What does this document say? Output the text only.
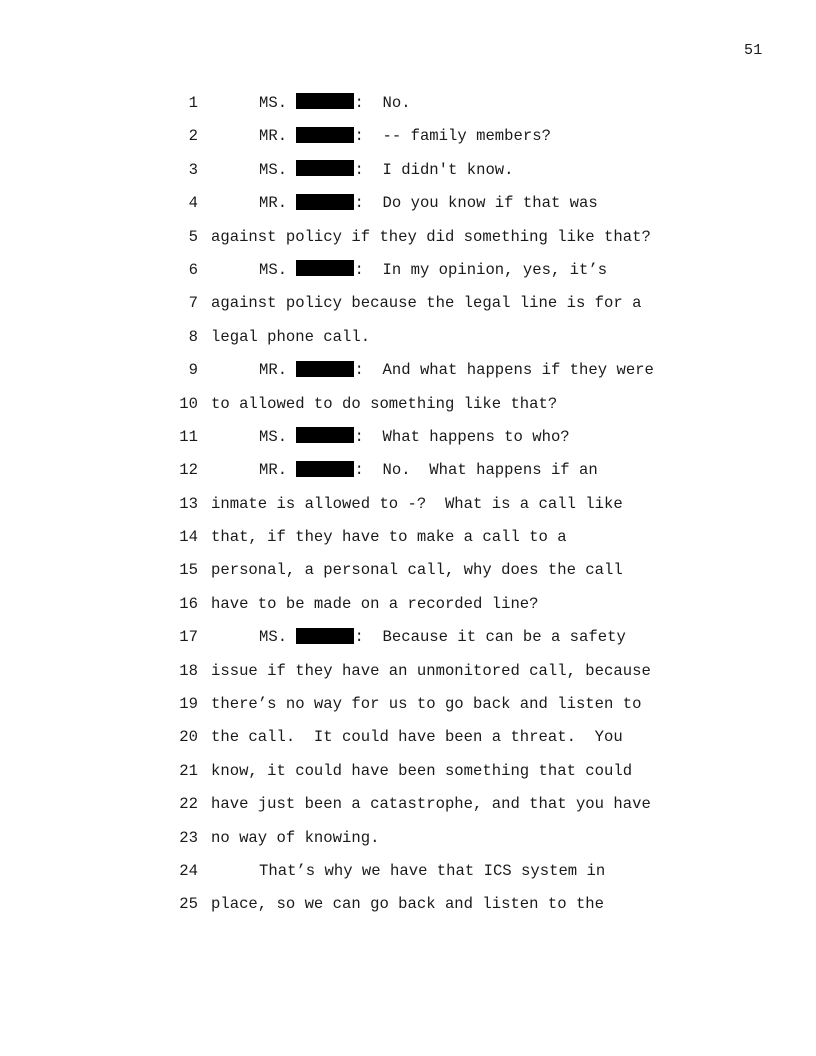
51
1	MS.	:  No.
2	MR.	:  -- family members?
3	MS.	:  I didn't know.
4	MR.	:  Do you know if that was
5 against policy if they did something like that?
6	MS.	:  In my opinion, yes, it’s
7 against policy because the legal line is for a
8 legal phone call.
9	MR.	:  And what happens if they were
10 to allowed to do something like that?
11	MS.	:  What happens to who?
12	MR.	:  No.  What happens if an
13 inmate is allowed to -?  What is a call like
14 that, if they have to make a call to a
15 personal, a personal call, why does the call
16 have to be made on a recorded line?
17	MS.	:  Because it can be a safety
18 issue if they have an unmonitored call, because
19 there’s no way for us to go back and listen to
20 the call.  It could have been a threat.  You
21 know, it could have been something that could
22 have just been a catastrophe, and that you have
23 no way of knowing.
24	That’s why we have that ICS system in
25 place, so we can go back and listen to the
